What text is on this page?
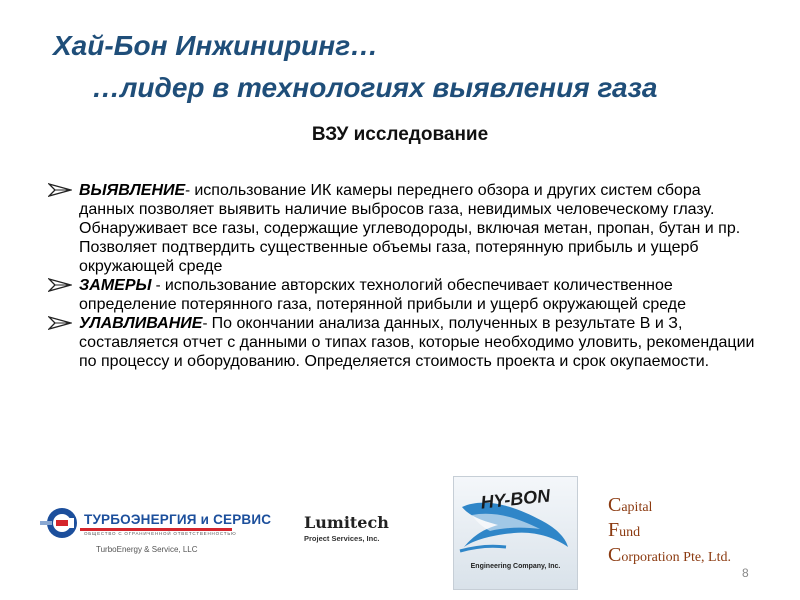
Хай-Бон Инжиниринг…
…лидер в технологиях выявления газа
ВЗУ исследование
ВЫЯВЛЕНИЕ- использование ИК камеры переднего обзора и других систем сбора данных позволяет выявить наличие выбросов газа, невидимых человеческому глазу. Обнаруживает все газы, содержащие углеводороды, включая метан, пропан, бутан и пр. Позволяет подтвердить существенные объемы газа, потерянную прибыль и ущерб окружающей среде
ЗАМЕРЫ - использование авторских технологий обеспечивает количественное определение потерянного газа, потерянной прибыли и ущерб окружающей среде
УЛАВЛИВАНИЕ- По окончании анализа данных, полученных в результате В и З, составляется отчет с данными о типах газов, которые необходимо уловить, рекомендации по процессу и оборудованию. Определяется стоимость проекта и срок окупаемости.
ТУРБОЭНЕРГИЯ и СЕРВИС
ОБЩЕСТВО С ОГРАНИЧЕННОЙ ОТВЕТСТВЕННОСТЬЮ
TurboEnergy & Service, LLC
Lumitech
Project Services, Inc.
HY-BON
Engineering Company, Inc.
Capital
Fund
Corporation Pte, Ltd.
8
